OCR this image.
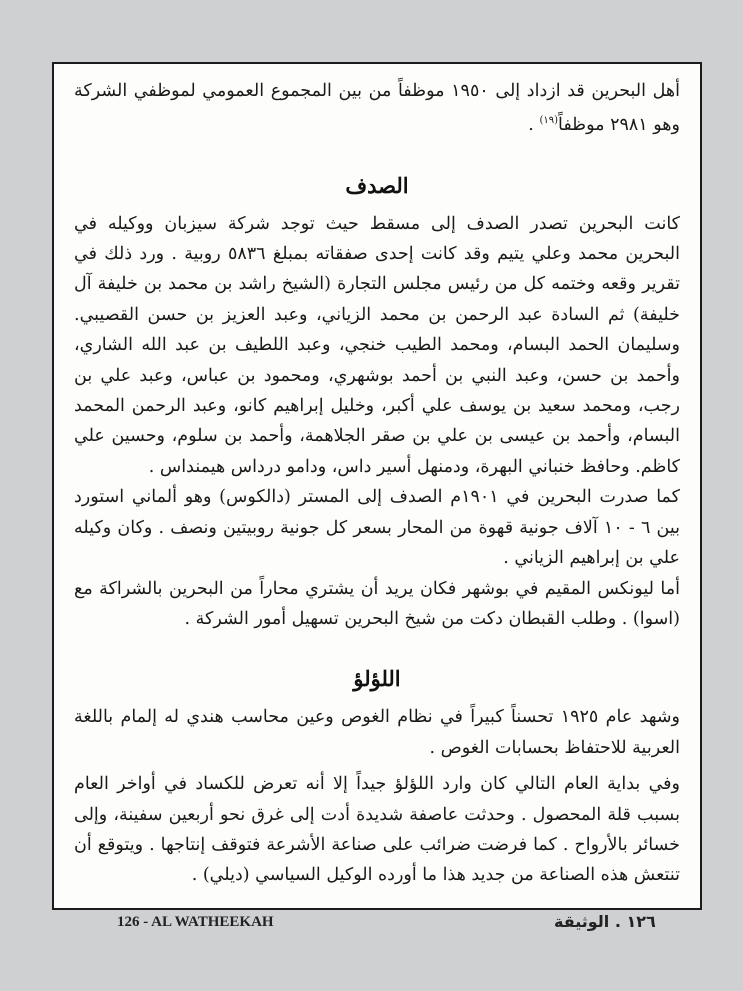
أهل البحرين قد ازداد إلى ١٩٥٠ موظفاً من بين المجموع العمومي لموظفي الشركة وهو ٢٩٨١ موظفاً$^{(١٩)}$ .

الصدف

كانت البحرين تصدر الصدف إلى مسقط حيث توجد شركة سيزبان ووكيله في البحرين محمد وعلي يتيم وقد كانت إحدى صفقاته بمبلغ ٥٨٣٦ روبية . ورد ذلك في تقرير وقعه وختمه كل من رئيس مجلس التجارة (الشيخ راشد بن محمد بن خليفة آل خليفة) ثم السادة عبد الرحمن بن محمد الزياني، وعبد العزيز بن حسن القصيبي. وسليمان الحمد البسام، ومحمد الطيب خنجي، وعبد اللطيف بن عبد الله الشاري، وأحمد بن حسن، وعبد النبي بن أحمد بوشهري، ومحمود بن عباس، وعبد علي بن رجب، ومحمد سعيد بن يوسف علي أكبر، وخليل إبراهيم كانو، وعبد الرحمن المحمد البسام، وأحمد بن عيسى بن علي بن صقر الجلاهمة، وأحمد بن سلوم، وحسين علي كاظم. وحافظ خنباني البهرة، ودمنهل أسير داس، ودامو درداس هيمنداس .

كما صدرت البحرين في ١٩٠١م الصدف إلى المستر (دالكوس) وهو ألماني استورد بين ٦ - ١٠ آلاف جونية قهوة من المحار بسعر كل جونية روبيتين ونصف . وكان وكيله علي بن إبراهيم الزياني .

أما ليونكس المقيم في بوشهر فكان يريد أن يشتري محاراً من البحرين بالشراكة مع (اسوا) . وطلب القبطان دكت من شيخ البحرين تسهيل أمور الشركة .

اللؤلؤ

وشهد عام ١٩٢٥ تحسناً كبيراً في نظام الغوص وعين محاسب هندي له إلمام باللغة العربية للاحتفاظ بحسابات الغوص .

وفي بداية العام التالي كان وارد اللؤلؤ جيداً إلا أنه تعرض للكساد في أواخر العام بسبب قلة المحصول . وحدثت عاصفة شديدة أدت إلى غرق نحو أربعين سفينة، وإلى خسائر بالأرواح . كما فرضت ضرائب على صناعة الأشرعة فتوقف إنتاجها . ويتوقع أن تنتعش هذه الصناعة من جديد هذا ما أورده الوكيل السياسي (ديلي) .

126 - AL WATHEEKAH	١٢٦ . الوثيقة
